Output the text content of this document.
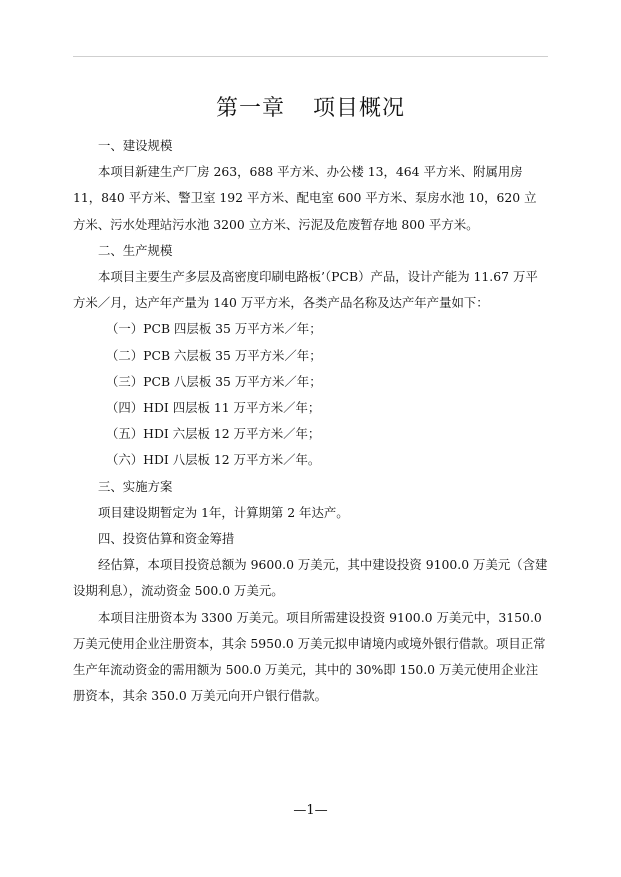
第一章 项目概况

一、建设规模

本项目新建生产厂房 263，688 平方米、办公楼 13，464 平方米、附属用房 11，840 平方米、警卫室 192 平方米、配电室 600 平方米、泵房水池 10，620 立方米、污水处理站污水池 3200 立方米、污泥及危废暂存地 800 平方米。

二、生产规模

本项目主要生产多层及高密度印刷电路板’（PCB）产品，设计产能为 11.67 万平方米／月，达产年产量为 140 万平方米，各类产品名称及达产年产量如下：

（一）PCB 四层板 35 万平方米／年；

（二）PCB 六层板 35 万平方米／年；

（三）PCB 八层板 35 万平方米／年；

（四）HDI 四层板 11 万平方米／年；

（五）HDI 六层板 12 万平方米／年；

（六）HDI 八层板 12 万平方米／年。

三、实施方案

项目建设期暂定为 1年，计算期第 2 年达产。

四、投资估算和资金筹措

经估算，本项目投资总额为 9600.0 万美元，其中建设投资 9100.0 万美元（含建设期利息），流动资金 500.0 万美元。

本项目注册资本为 3300 万美元。项目所需建设投资 9100.0 万美元中，3150.0 万美元使用企业注册资本，其余 5950.0 万美元拟申请境内或境外银行借款。项目正常生产年流动资金的需用额为 500.0 万美元，其中的 30%即 150.0 万美元使用企业注册资本，其余 350.0 万美元向开户银行借款。

—1—
